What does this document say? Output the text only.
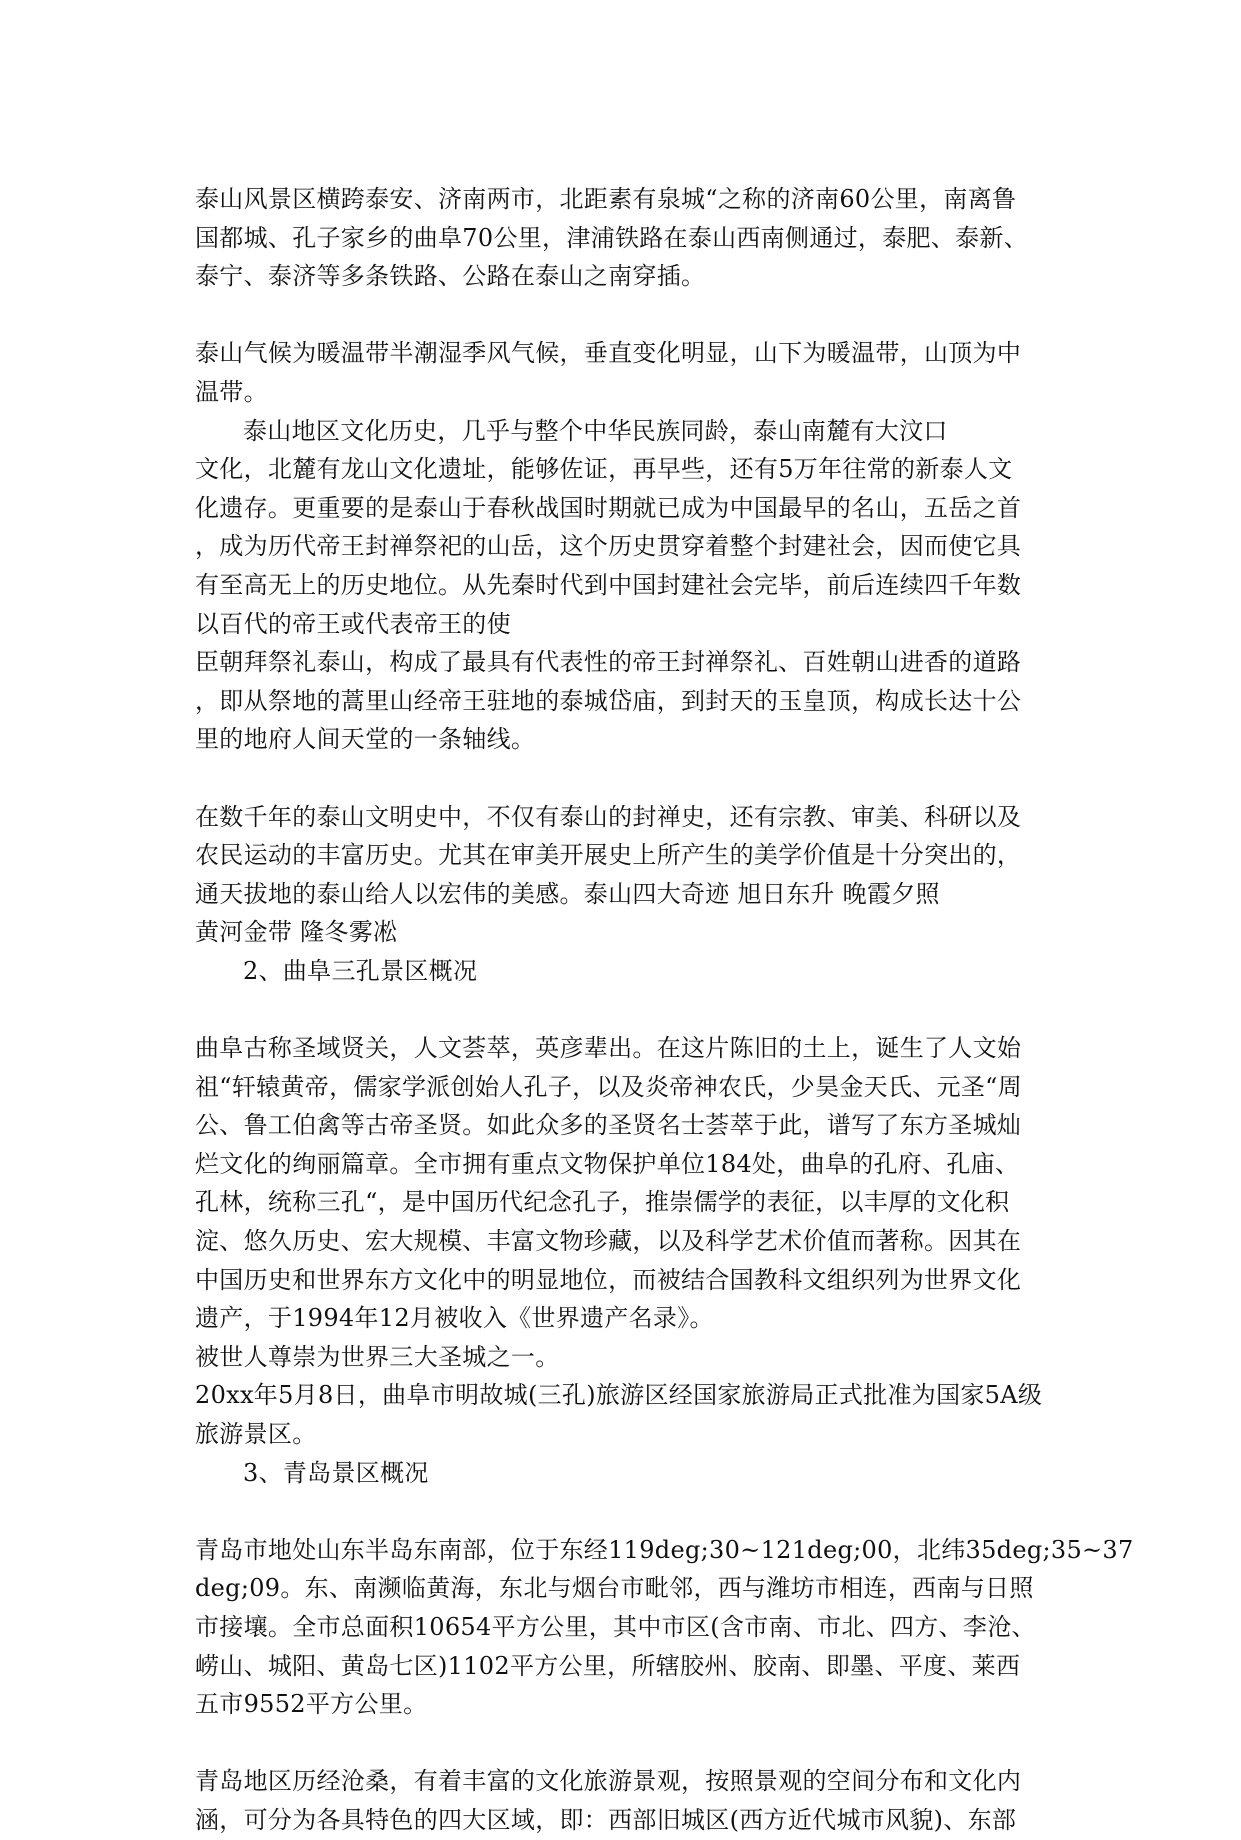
泰山风景区横跨泰安、济南两市，北距素有泉城“之称的济南60公里，南离鲁
国都城、孔子家乡的曲阜70公里，津浦铁路在泰山西南侧通过，泰肥、泰新、
泰宁、泰济等多条铁路、公路在泰山之南穿插。
泰山气候为暖温带半潮湿季风气候，垂直变化明显，山下为暖温带，山顶为中
温带。
泰山地区文化历史，几乎与整个中华民族同龄，泰山南麓有大汶口
文化，北麓有龙山文化遗址，能够佐证，再早些，还有5万年往常的新泰人文
化遗存。更重要的是泰山于春秋战国时期就已成为中国最早的名山，五岳之首
，成为历代帝王封禅祭祀的山岳，这个历史贯穿着整个封建社会，因而使它具
有至高无上的历史地位。从先秦时代到中国封建社会完毕，前后连续四千年数
以百代的帝王或代表帝王的使
臣朝拜祭礼泰山，构成了最具有代表性的帝王封禅祭礼、百姓朝山进香的道路
，即从祭地的蒿里山经帝王驻地的泰城岱庙，到封天的玉皇顶，构成长达十公
里的地府人间天堂的一条轴线。
在数千年的泰山文明史中，不仅有泰山的封禅史，还有宗教、审美、科研以及
农民运动的丰富历史。尤其在审美开展史上所产生的美学价值是十分突出的，
通天拔地的泰山给人以宏伟的美感。泰山四大奇迹 旭日东升 晚霞夕照
黄河金带 隆冬雾凇
2、曲阜三孔景区概况
曲阜古称圣域贤关，人文荟萃，英彦辈出。在这片陈旧的土上，诞生了人文始
祖“轩辕黄帝，儒家学派创始人孔子，以及炎帝神农氏，少昊金天氏、元圣“周
公、鲁工伯禽等古帝圣贤。如此众多的圣贤名士荟萃于此，谱写了东方圣城灿
烂文化的绚丽篇章。全市拥有重点文物保护单位184处，曲阜的孔府、孔庙、
孔林，统称三孔“，是中国历代纪念孔子，推崇儒学的表征，以丰厚的文化积
淀、悠久历史、宏大规模、丰富文物珍藏，以及科学艺术价值而著称。因其在
中国历史和世界东方文化中的明显地位，而被结合国教科文组织列为世界文化
遗产，于1994年12月被收入《世界遗产名录》。
被世人尊崇为世界三大圣城之一。
20xx年5月8日，曲阜市明故城(三孔)旅游区经国家旅游局正式批准为国家5A级
旅游景区。
3、青岛景区概况
青岛市地处山东半岛东南部，位于东经119deg;30~121deg;00，北纬35deg;35~37
deg;09。东、南濒临黄海，东北与烟台市毗邻，西与潍坊市相连，西南与日照
市接壤。全市总面积10654平方公里，其中市区(含市南、市北、四方、李沧、
崂山、城阳、黄岛七区)1102平方公里，所辖胶州、胶南、即墨、平度、莱西
五市9552平方公里。
青岛地区历经沧桑，有着丰富的文化旅游景观，按照景观的空间分布和文化内
涵，可分为各具特色的四大区域，即：西部旧城区(西方近代城市风貌)、东部
